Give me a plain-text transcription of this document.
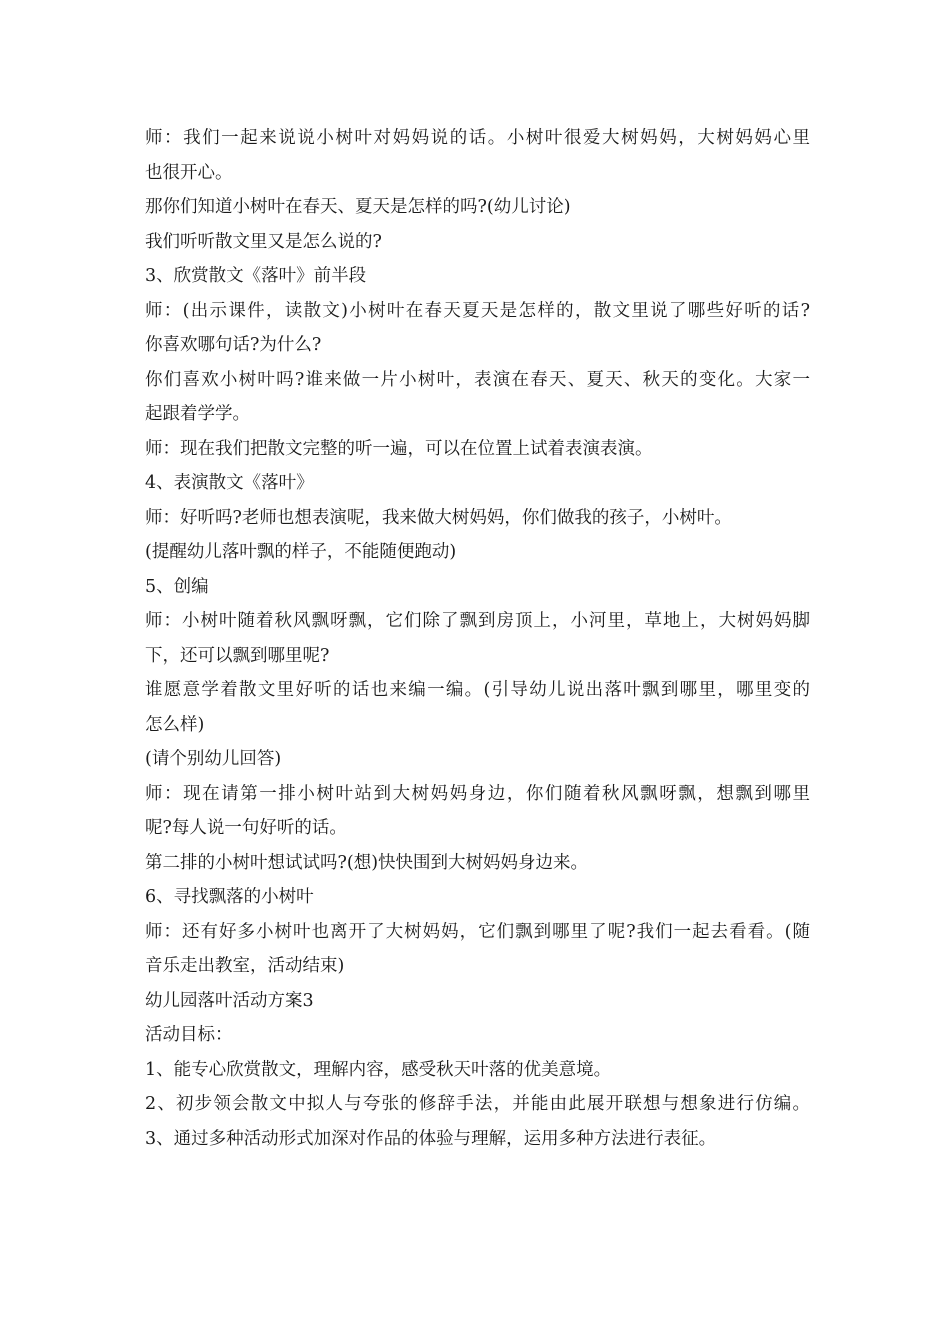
师：我们一起来说说小树叶对妈妈说的话。小树叶很爱大树妈妈，大树妈妈心里
也很开心。
那你们知道小树叶在春天、夏天是怎样的吗?(幼儿讨论)
我们听听散文里又是怎么说的?
3、欣赏散文《落叶》前半段
师：(出示课件，读散文)小树叶在春天夏天是怎样的，散文里说了哪些好听的话?
你喜欢哪句话?为什么?
你们喜欢小树叶吗?谁来做一片小树叶，表演在春天、夏天、秋天的变化。大家一
起跟着学学。
师：现在我们把散文完整的听一遍，可以在位置上试着表演表演。
4、表演散文《落叶》
师：好听吗?老师也想表演呢，我来做大树妈妈，你们做我的孩子，小树叶。
(提醒幼儿落叶飘的样子，不能随便跑动)
5、创编
师：小树叶随着秋风飘呀飘，它们除了飘到房顶上，小河里，草地上，大树妈妈脚
下，还可以飘到哪里呢?
谁愿意学着散文里好听的话也来编一编。(引导幼儿说出落叶飘到哪里，哪里变的
怎么样)
(请个别幼儿回答)
师：现在请第一排小树叶站到大树妈妈身边，你们随着秋风飘呀飘，想飘到哪里
呢?每人说一句好听的话。
第二排的小树叶想试试吗?(想)快快围到大树妈妈身边来。
6、寻找飘落的小树叶
师：还有好多小树叶也离开了大树妈妈，它们飘到哪里了呢?我们一起去看看。(随
音乐走出教室，活动结束)
幼儿园落叶活动方案3
活动目标：
1、能专心欣赏散文，理解内容，感受秋天叶落的优美意境。
2、初步领会散文中拟人与夸张的修辞手法，并能由此展开联想与想象进行仿编。
3、通过多种活动形式加深对作品的体验与理解，运用多种方法进行表征。
